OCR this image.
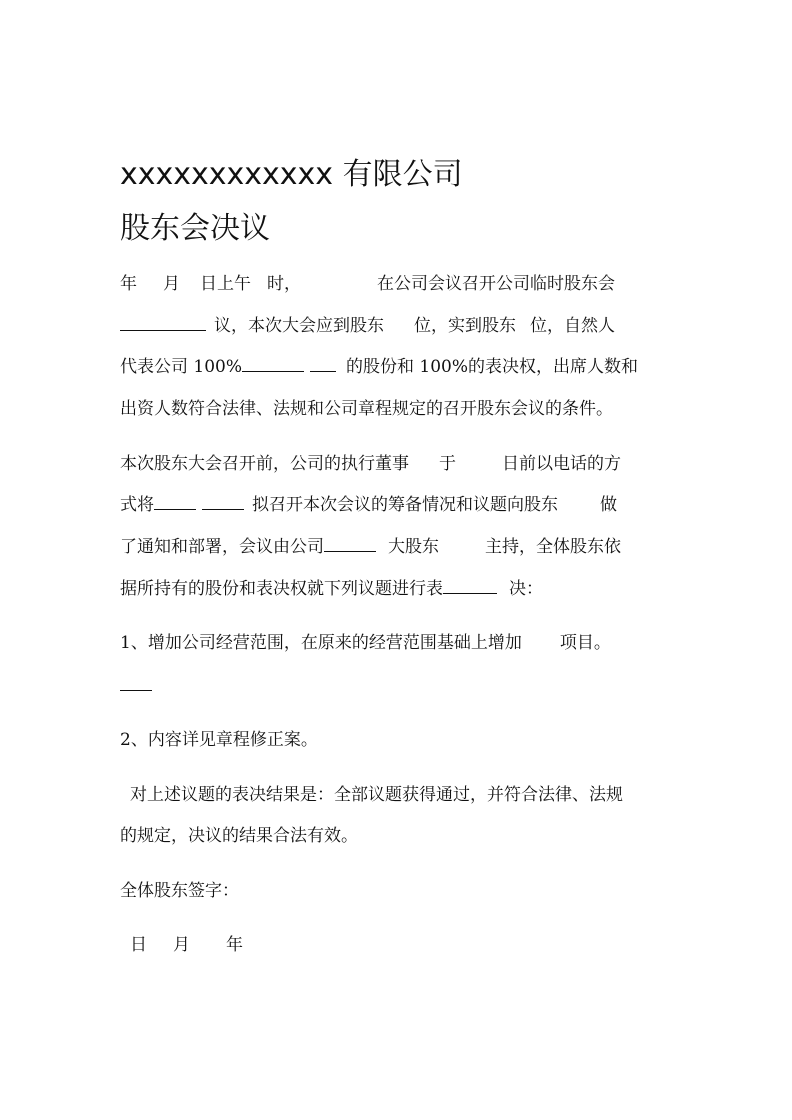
xxxxxxxxxxxx 有限公司
股东会决议
年 月 日上午 时，	在公司会议召开公司临时股东会
议，本次大会应到股东 位，实到股东 位，自然人
代表公司 100%	的股份和 100%的表决权，出席人数和
出资人数符合法律、法规和公司章程规定的召开股东会议的条件。
本次股东大会召开前，公司的执行董事 于	日前以电话的方
式将	拟召开本次会议的筹备情况和议题向股东 做
了通知和部署，会议由公司	大股东	主持，全体股东依
据所持有的股份和表决权就下列议题进行表	决：
1、增加公司经营范围，在原来的经营范围基础上增加 项目。
2、内容详见章程修正案。
对上述议题的表决结果是：全部议题获得通过，并符合法律、法规
的规定，决议的结果合法有效。
全体股东签字：
日 月 年
